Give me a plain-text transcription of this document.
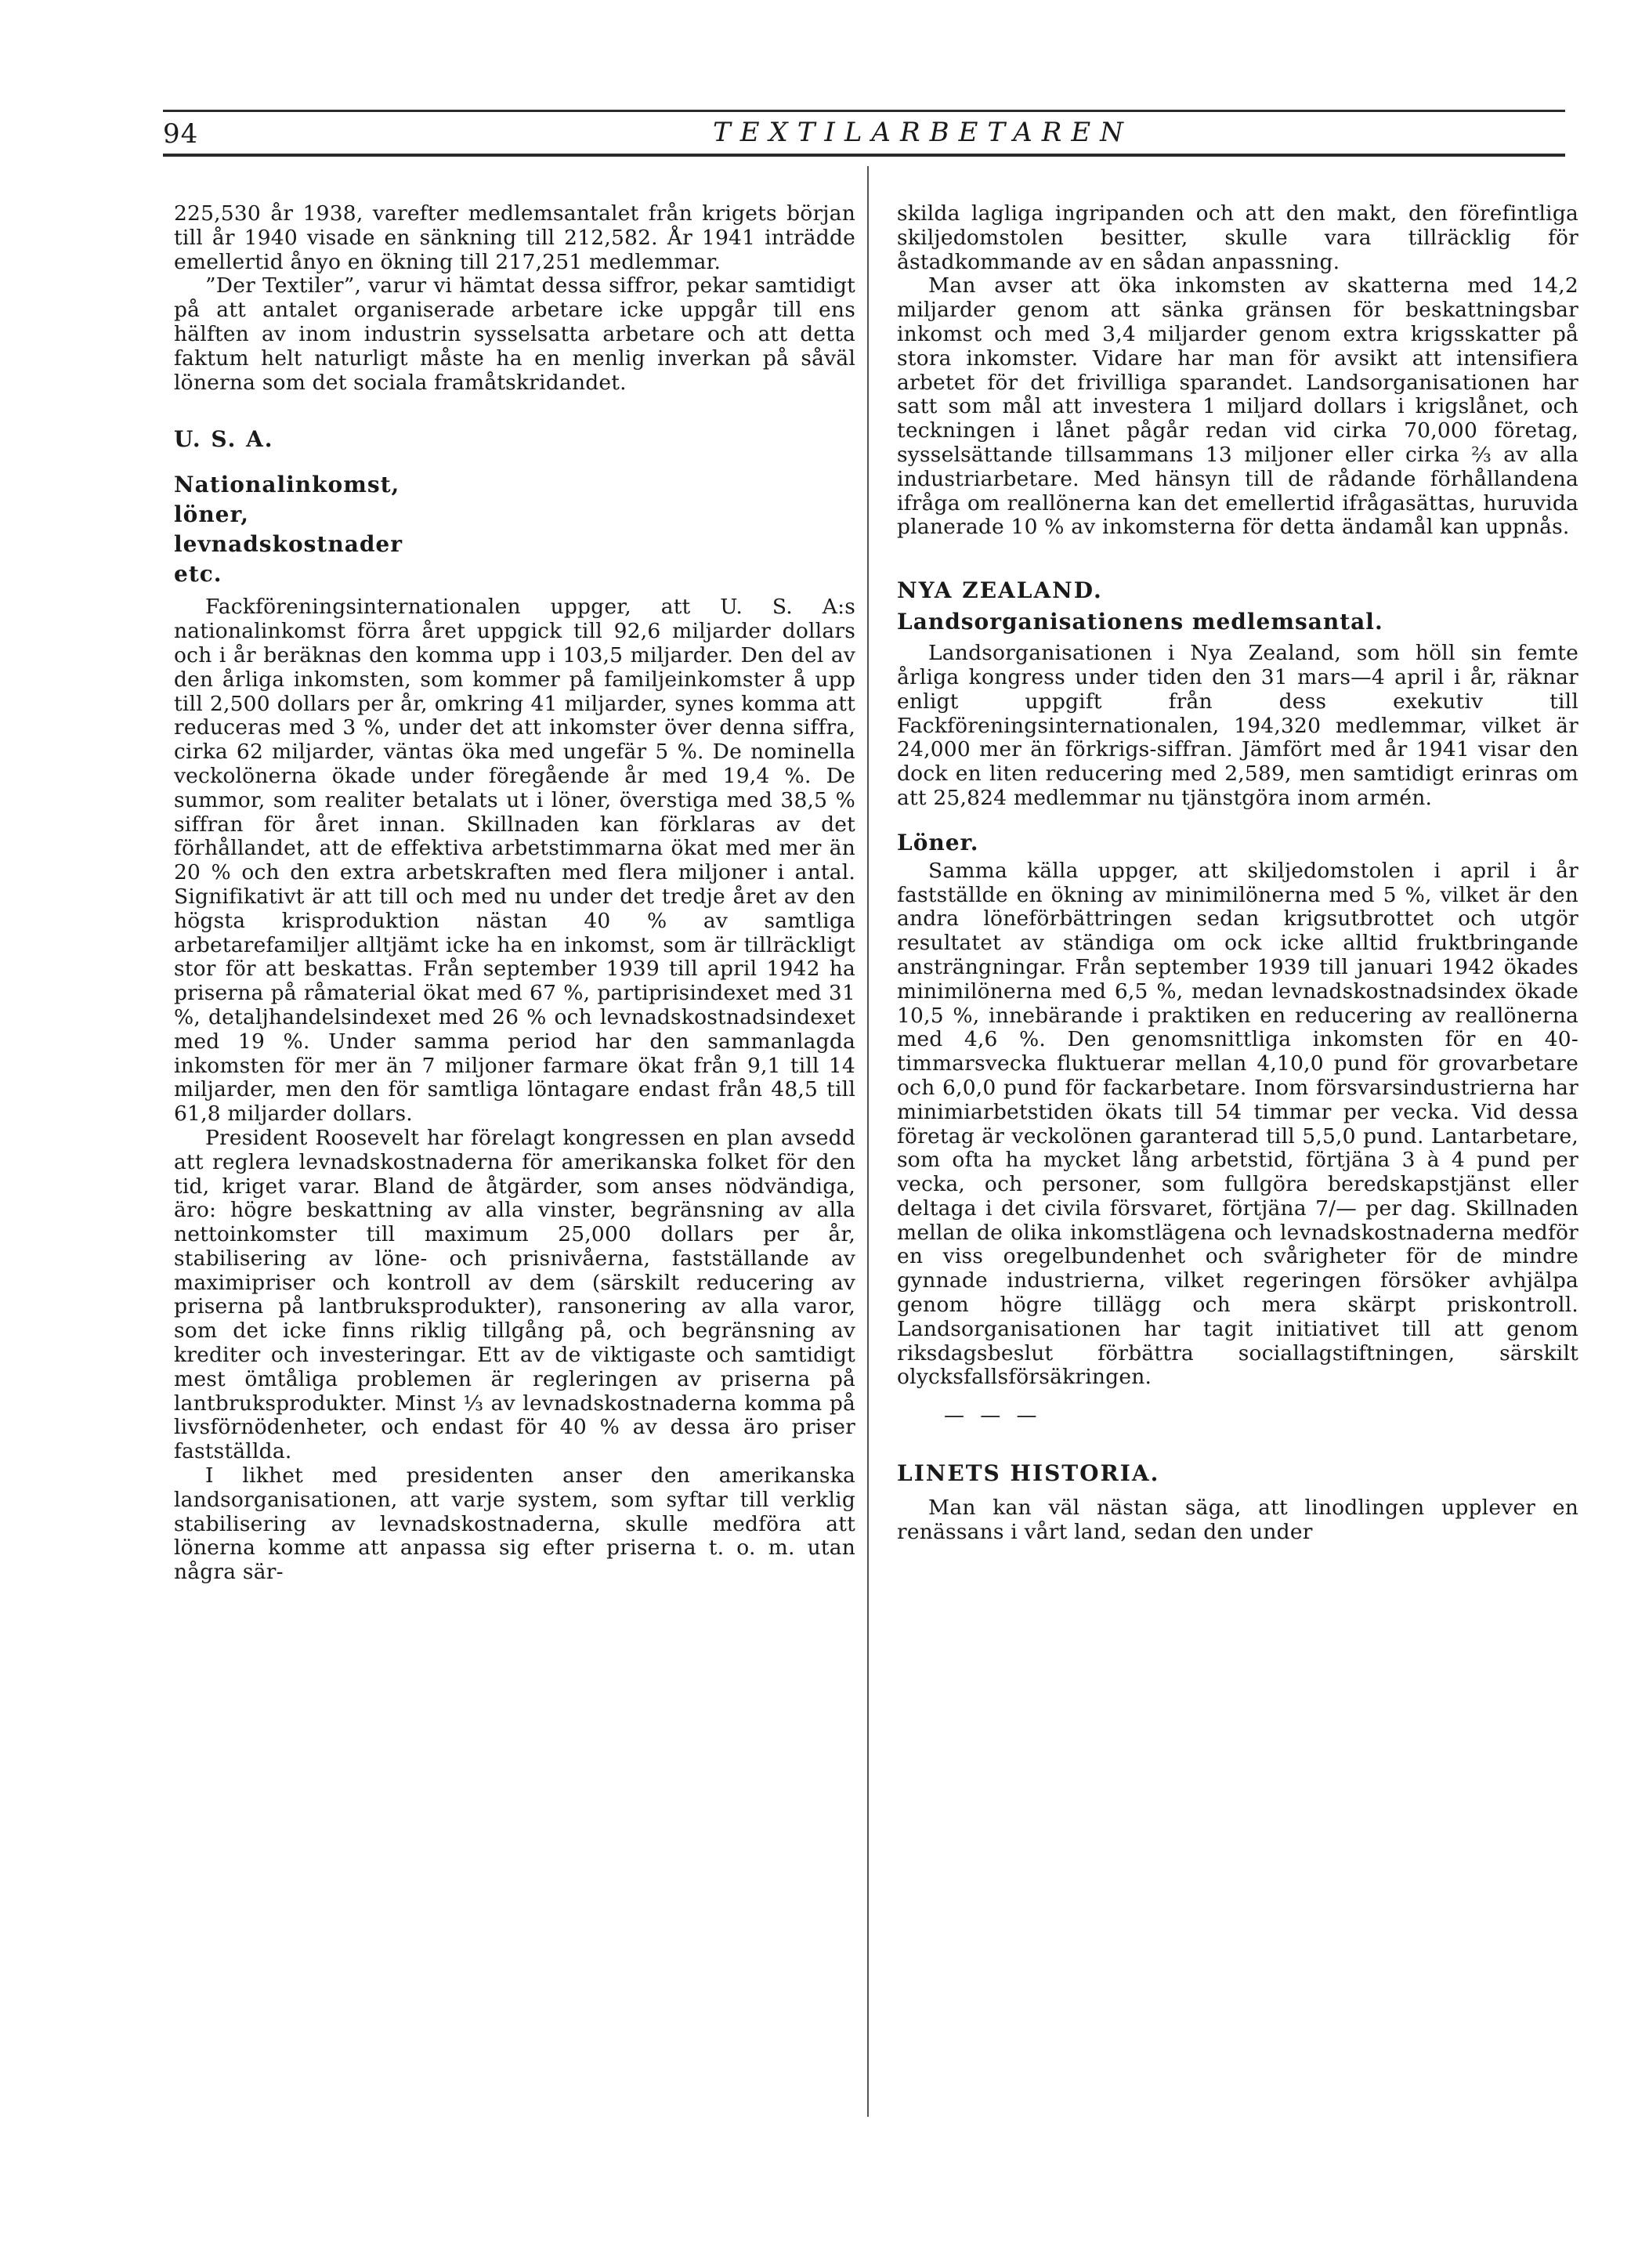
94	TEXTILARBETAREN

225,530 år 1938, varefter medlemsantalet från krigets början till år 1940 visade en sänkning till 212,582. År 1941 inträdde emellertid ånyo en ökning till 217,251 medlemmar.

”Der Textiler”, varur vi hämtat dessa siffror, pekar samtidigt på att antalet organiserade arbetare icke uppgår till ens hälften av inom industrin sysselsatta arbetare och att detta faktum helt naturligt måste ha en menlig inverkan på såväl lönerna som det sociala framåtskridandet.

U. S. A.
Nationalinkomst, löner, levnadskostnader etc.

Fackföreningsinternationalen uppger, att U. S. A:s nationalinkomst förra året uppgick till 92,6 miljarder dollars och i år beräknas den komma upp i 103,5 miljarder. Den del av den årliga inkomsten, som kommer på familjeinkomster å upp till 2,500 dollars per år, omkring 41 miljarder, synes komma att reduceras med 3 %, under det att inkomster över denna siffra, cirka 62 miljarder, väntas öka med ungefär 5 %. De nominella veckolönerna ökade under föregående år med 19,4 %. De summor, som realiter betalats ut i löner, överstiga med 38,5 % siffran för året innan. Skillnaden kan förklaras av det förhållandet, att de effektiva arbetstimmarna ökat med mer än 20 % och den extra arbetskraften med flera miljoner i antal. Signifikativt är att till och med nu under det tredje året av den högsta krisproduktion nästan 40 % av samtliga arbetarefamiljer alltjämt icke ha en inkomst, som är tillräckligt stor för att beskattas. Från september 1939 till april 1942 ha priserna på råmaterial ökat med 67 %, partiprisindexet med 31 %, detaljhandelsindexet med 26 % och levnadskostnadsindexet med 19 %. Under samma period har den sammanlagda inkomsten för mer än 7 miljoner farmare ökat från 9,1 till 14 miljarder, men den för samtliga löntagare endast från 48,5 till 61,8 miljarder dollars.

President Roosevelt har förelagt kongressen en plan avsedd att reglera levnadskostnaderna för amerikanska folket för den tid, kriget varar. Bland de åtgärder, som anses nödvändiga, äro: högre beskattning av alla vinster, begränsning av alla nettoinkomster till maximum 25,000 dollars per år, stabilisering av löne- och prisnivåerna, fastställande av maximipriser och kontroll av dem (särskilt reducering av priserna på lantbruksprodukter), ransonering av alla varor, som det icke finns riklig tillgång på, och begränsning av krediter och investeringar. Ett av de viktigaste och samtidigt mest ömtåliga problemen är regleringen av priserna på lantbruksprodukter. Minst ⅓ av levnadskostnaderna komma på livsförnödenheter, och endast för 40 % av dessa äro priser fastställda.

I likhet med presidenten anser den amerikanska landsorganisationen, att varje system, som syftar till verklig stabilisering av levnadskostnaderna, skulle medföra att lönerna komme att anpassa sig efter priserna t. o. m. utan några sär-

skilda lagliga ingripanden och att den makt, den förefintliga skiljedomstolen besitter, skulle vara tillräcklig för åstadkommande av en sådan anpassning.

Man avser att öka inkomsten av skatterna med 14,2 miljarder genom att sänka gränsen för beskattningsbar inkomst och med 3,4 miljarder genom extra krigsskatter på stora inkomster. Vidare har man för avsikt att intensifiera arbetet för det frivilliga sparandet. Landsorganisationen har satt som mål att investera 1 miljard dollars i krigslånet, och teckningen i lånet pågår redan vid cirka 70,000 företag, sysselsättande tillsammans 13 miljoner eller cirka ⅔ av alla industriarbetare. Med hänsyn till de rådande förhållandena ifråga om reallönerna kan det emellertid ifrågasättas, huruvida planerade 10 % av inkomsterna för detta ändamål kan uppnås.

NYA ZEALAND.
Landsorganisationens medlemsantal.

Landsorganisationen i Nya Zealand, som höll sin femte årliga kongress under tiden den 31 mars—4 april i år, räknar enligt uppgift från dess exekutiv till Fackföreningsinternationalen, 194,320 medlemmar, vilket är 24,000 mer än förkrigs-siffran. Jämfört med år 1941 visar den dock en liten reducering med 2,589, men samtidigt erinras om att 25,824 medlemmar nu tjänstgöra inom armén.

Löner.

Samma källa uppger, att skiljedomstolen i april i år fastställde en ökning av minimilönerna med 5 %, vilket är den andra löneförbättringen sedan krigsutbrottet och utgör resultatet av ständiga om ock icke alltid fruktbringande ansträngningar. Från september 1939 till januari 1942 ökades minimilönerna med 6,5 %, medan levnadskostnadsindex ökade 10,5 %, innebärande i praktiken en reducering av reallönerna med 4,6 %. Den genomsnittliga inkomsten för en 40-timmarsvecka fluktuerar mellan 4,10,0 pund för grovarbetare och 6,0,0 pund för fackarbetare. Inom försvarsindustrierna har minimiarbetstiden ökats till 54 timmar per vecka. Vid dessa företag är veckolönen garanterad till 5,5,0 pund. Lantarbetare, som ofta ha mycket lång arbetstid, förtjäna 3 à 4 pund per vecka, och personer, som fullgöra beredskapstjänst eller deltaga i det civila försvaret, förtjäna 7/— per dag. Skillnaden mellan de olika inkomstlägena och levnadskostnaderna medför en viss oregelbundenhet och svårigheter för de mindre gynnade industrierna, vilket regeringen försöker avhjälpa genom högre tillägg och mera skärpt priskontroll. Landsorganisationen har tagit initiativet till att genom riksdagsbeslut förbättra sociallagstiftningen, särskilt olycksfallsförsäkringen.

— — —
LINETS HISTORIA.

Man kan väl nästan säga, att linodlingen upplever en renässans i vårt land, sedan den under
